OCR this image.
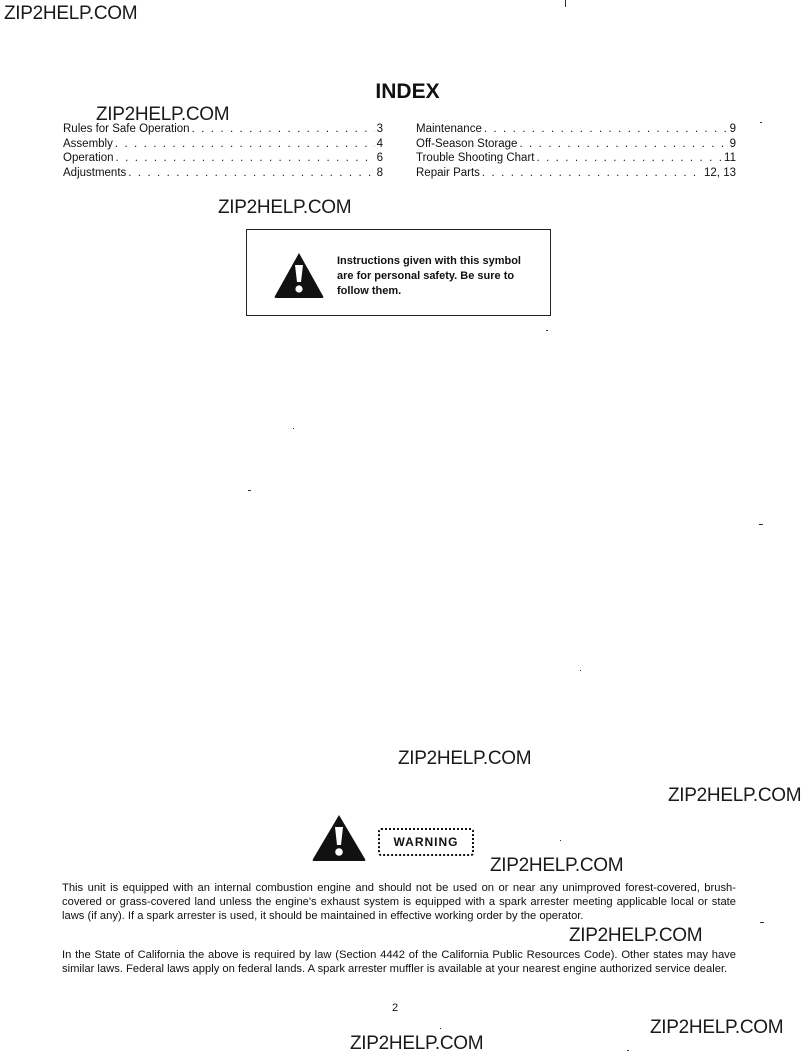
ZIP2HELP.COM
ZIP2HELP.COM
ZIP2HELP.COM
ZIP2HELP.COM
ZIP2HELP.COM
ZIP2HELP.COM
ZIP2HELP.COM
ZIP2HELP.COM
ZIP2HELP.COM
INDEX
Rules for Safe Operation . . .	3
Assembly . . .	4
Operation . . .	6
Adjustments . . .	8
Maintenance . . .	9
Off-Season Storage . . .	9
Trouble Shooting Chart . . .	11
Repair Parts . . .	12, 13
Instructions given with this symbol are for personal safety. Be sure to follow them.
WARNING
This unit is equipped with an internal combustion engine and should not be used on or near any unimproved forest-covered, brush-covered or grass-covered land unless the engine's exhaust system is equipped with a spark arrester meeting applicable local or state laws (if any). If a spark arrester is used, it should be maintained in effective working order by the operator.
In the State of California the above is required by law (Section 4442 of the California Public Resources Code). Other states may have similar laws. Federal laws apply on federal lands. A spark arrester muffler is available at your nearest engine authorized service dealer.
2
